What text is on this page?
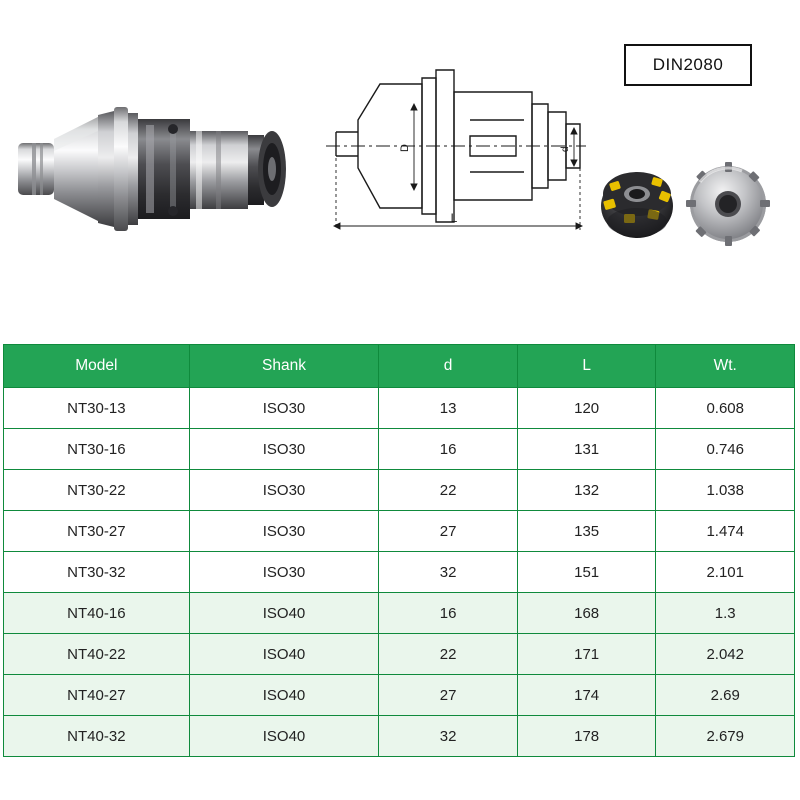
DIN2080
D	d
L
Model	Shank	d	L	Wt.
NT30-13	ISO30	13	120	0.608
NT30-16	ISO30	16	131	0.746
NT30-22	ISO30	22	132	1.038
NT30-27	ISO30	27	135	1.474
NT30-32	ISO30	32	151	2.101
NT40-16	ISO40	16	168	1.3
NT40-22	ISO40	22	171	2.042
NT40-27	ISO40	27	174	2.69
NT40-32	ISO40	32	178	2.679
